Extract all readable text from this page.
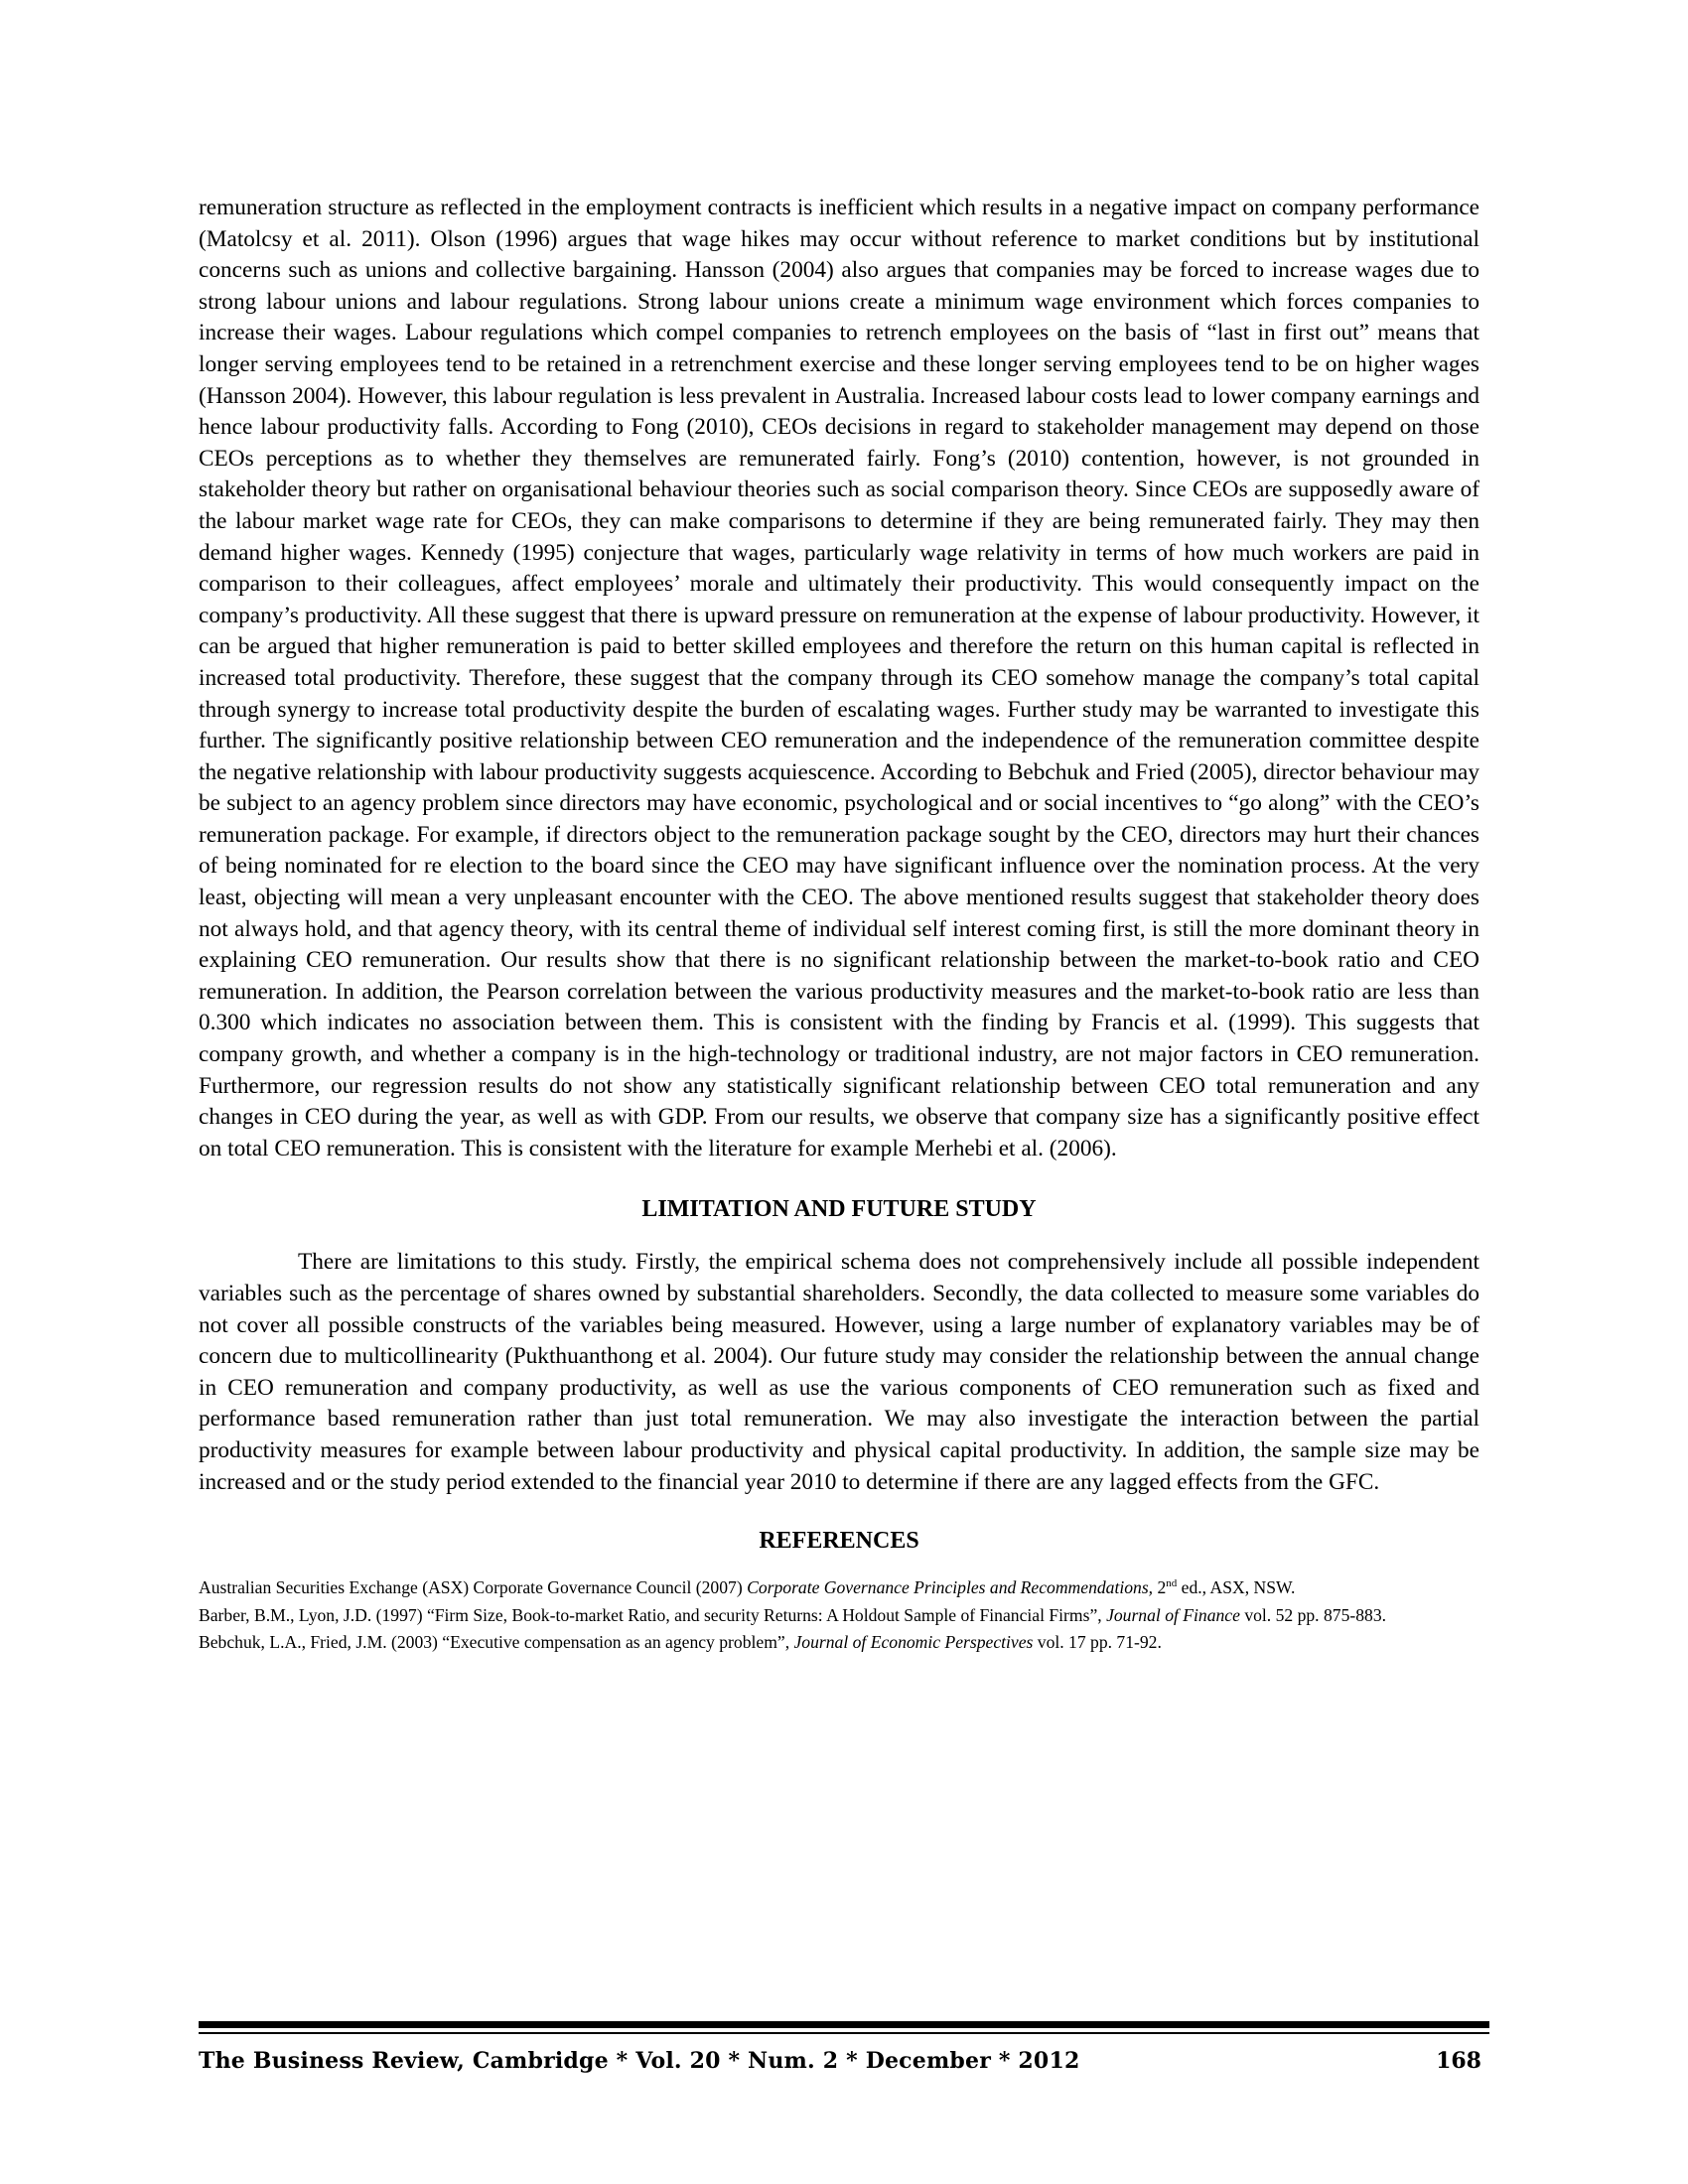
remuneration structure as reflected in the employment contracts is inefficient which results in a negative impact on company performance (Matolcsy et al. 2011). Olson (1996) argues that wage hikes may occur without reference to market conditions but by institutional concerns such as unions and collective bargaining. Hansson (2004) also argues that companies may be forced to increase wages due to strong labour unions and labour regulations. Strong labour unions create a minimum wage environment which forces companies to increase their wages. Labour regulations which compel companies to retrench employees on the basis of “last in first out” means that longer serving employees tend to be retained in a retrenchment exercise and these longer serving employees tend to be on higher wages (Hansson 2004). However, this labour regulation is less prevalent in Australia. Increased labour costs lead to lower company earnings and hence labour productivity falls. According to Fong (2010), CEOs decisions in regard to stakeholder management may depend on those CEOs perceptions as to whether they themselves are remunerated fairly. Fong’s (2010) contention, however, is not grounded in stakeholder theory but rather on organisational behaviour theories such as social comparison theory. Since CEOs are supposedly aware of the labour market wage rate for CEOs, they can make comparisons to determine if they are being remunerated fairly. They may then demand higher wages. Kennedy (1995) conjecture that wages, particularly wage relativity in terms of how much workers are paid in comparison to their colleagues, affect employees’ morale and ultimately their productivity. This would consequently impact on the company’s productivity. All these suggest that there is upward pressure on remuneration at the expense of labour productivity. However, it can be argued that higher remuneration is paid to better skilled employees and therefore the return on this human capital is reflected in increased total productivity. Therefore, these suggest that the company through its CEO somehow manage the company’s total capital through synergy to increase total productivity despite the burden of escalating wages. Further study may be warranted to investigate this further. The significantly positive relationship between CEO remuneration and the independence of the remuneration committee despite the negative relationship with labour productivity suggests acquiescence. According to Bebchuk and Fried (2005), director behaviour may be subject to an agency problem since directors may have economic, psychological and or social incentives to “go along” with the CEO’s remuneration package. For example, if directors object to the remuneration package sought by the CEO, directors may hurt their chances of being nominated for re election to the board since the CEO may have significant influence over the nomination process. At the very least, objecting will mean a very unpleasant encounter with the CEO. The above mentioned results suggest that stakeholder theory does not always hold, and that agency theory, with its central theme of individual self interest coming first, is still the more dominant theory in explaining CEO remuneration. Our results show that there is no significant relationship between the market-to-book ratio and CEO remuneration. In addition, the Pearson correlation between the various productivity measures and the market-to-book ratio are less than 0.300 which indicates no association between them. This is consistent with the finding by Francis et al. (1999). This suggests that company growth, and whether a company is in the high-technology or traditional industry, are not major factors in CEO remuneration. Furthermore, our regression results do not show any statistically significant relationship between CEO total remuneration and any changes in CEO during the year, as well as with GDP. From our results, we observe that company size has a significantly positive effect on total CEO remuneration. This is consistent with the literature for example Merhebi et al. (2006).

LIMITATION AND FUTURE STUDY

There are limitations to this study. Firstly, the empirical schema does not comprehensively include all possible independent variables such as the percentage of shares owned by substantial shareholders. Secondly, the data collected to measure some variables do not cover all possible constructs of the variables being measured. However, using a large number of explanatory variables may be of concern due to multicollinearity (Pukthuanthong et al. 2004). Our future study may consider the relationship between the annual change in CEO remuneration and company productivity, as well as use the various components of CEO remuneration such as fixed and performance based remuneration rather than just total remuneration. We may also investigate the interaction between the partial productivity measures for example between labour productivity and physical capital productivity. In addition, the sample size may be increased and or the study period extended to the financial year 2010 to determine if there are any lagged effects from the GFC.

REFERENCES
Australian Securities Exchange (ASX) Corporate Governance Council (2007) Corporate Governance Principles and Recommendations, 2nd ed., ASX, NSW.
Barber, B.M., Lyon, J.D. (1997) “Firm Size, Book-to-market Ratio, and security Returns: A Holdout Sample of Financial Firms”, Journal of Finance vol. 52 pp. 875-883.
Bebchuk, L.A., Fried, J.M. (2003) “Executive compensation as an agency problem”, Journal of Economic Perspectives vol. 17 pp. 71-92.
The Business Review, Cambridge * Vol. 20 * Num. 2 * December * 2012	168
